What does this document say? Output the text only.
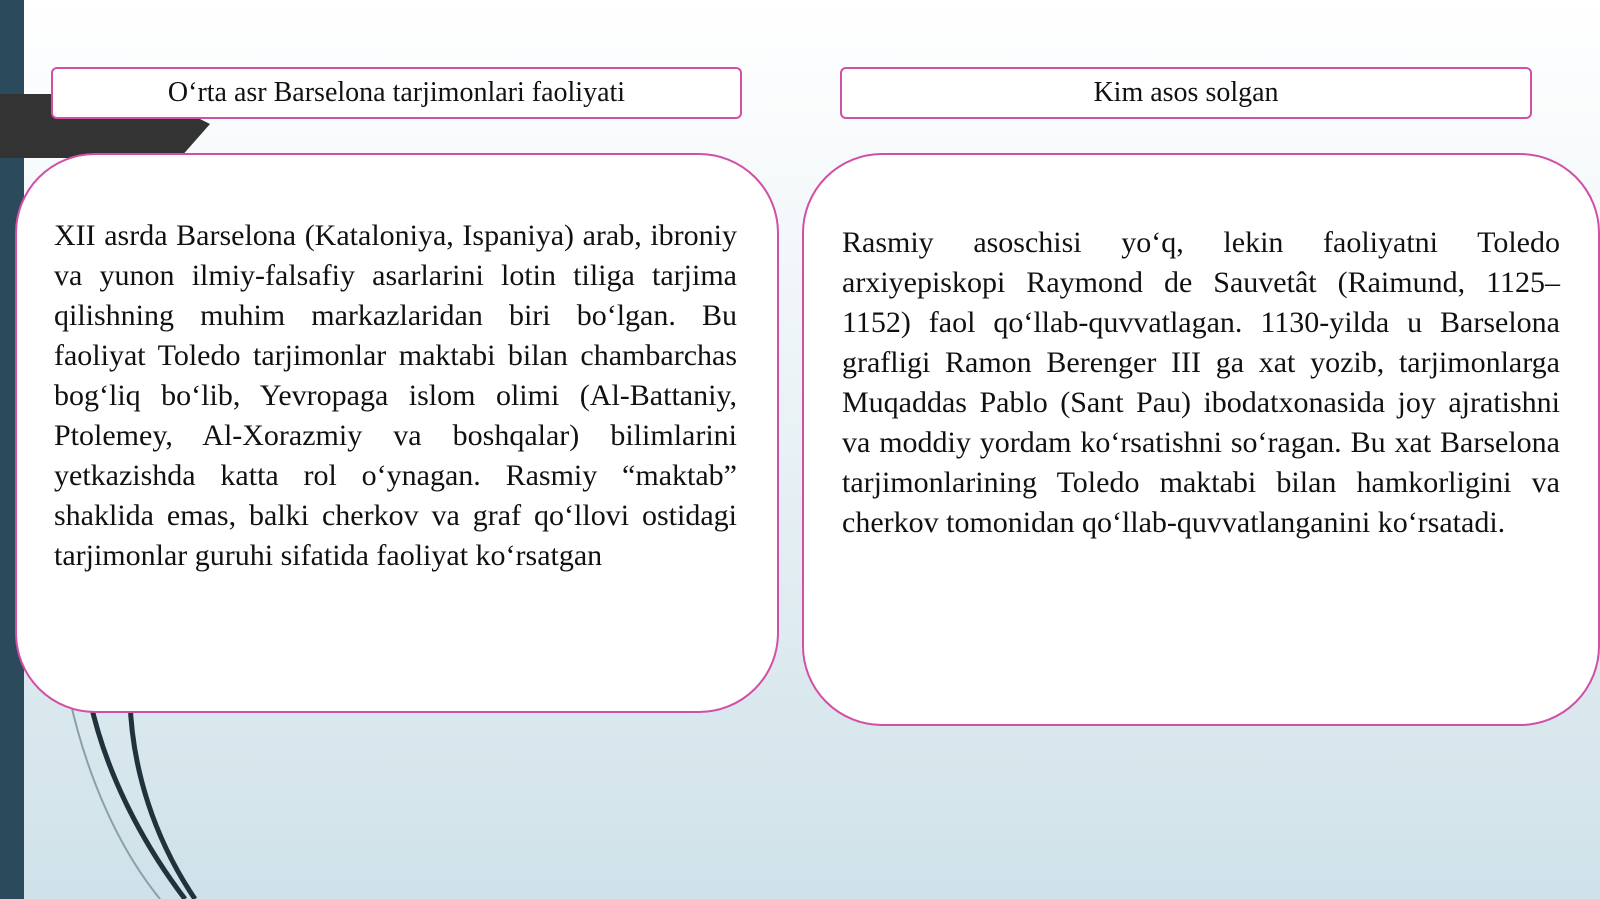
O‘rta asr Barselona tarjimonlari faoliyati	Kim asos solgan

XII asrda Barselona (Kataloniya, Ispaniya) arab, ibroniy va yunon ilmiy-falsafiy asarlarini lotin tiligа tarjima qilishning muhim markazlaridan biri bo‘lgan. Bu faoliyat Toledo tarjimonlar maktabi bilan chambarchas bog‘liq bo‘lib, Yevropaga islom olimi (Al-Battaniy, Ptolemey, Al-Xorazmiy va boshqalar) bilimlarini yetkazishda katta rol o‘ynagan. Rasmiy “maktab” shaklida emas, balki cherkov va graf qo‘llovi ostidagi tarjimonlar guruhi sifatida faoliyat ko‘rsatgan

Rasmiy asoschisi yo‘q, lekin faoliyatni Toledo arxiyepiskopi Raymond de Sauvetât (Raimund, 1125–1152) faol qo‘llab-quvvatlagan. 1130-yilda u Barselona grafligi Ramon Berenger III ga xat yozib, tarjimonlarga Muqaddas Pablo (Sant Pau) ibodatxonasida joy ajratishni va moddiy yordam ko‘rsatishni so‘ragan. Bu xat Barselona tarjimonlarining Toledo maktabi bilan hamkorligini va cherkov tomonidan qo‘llab-quvvatlanganini ko‘rsatadi.
